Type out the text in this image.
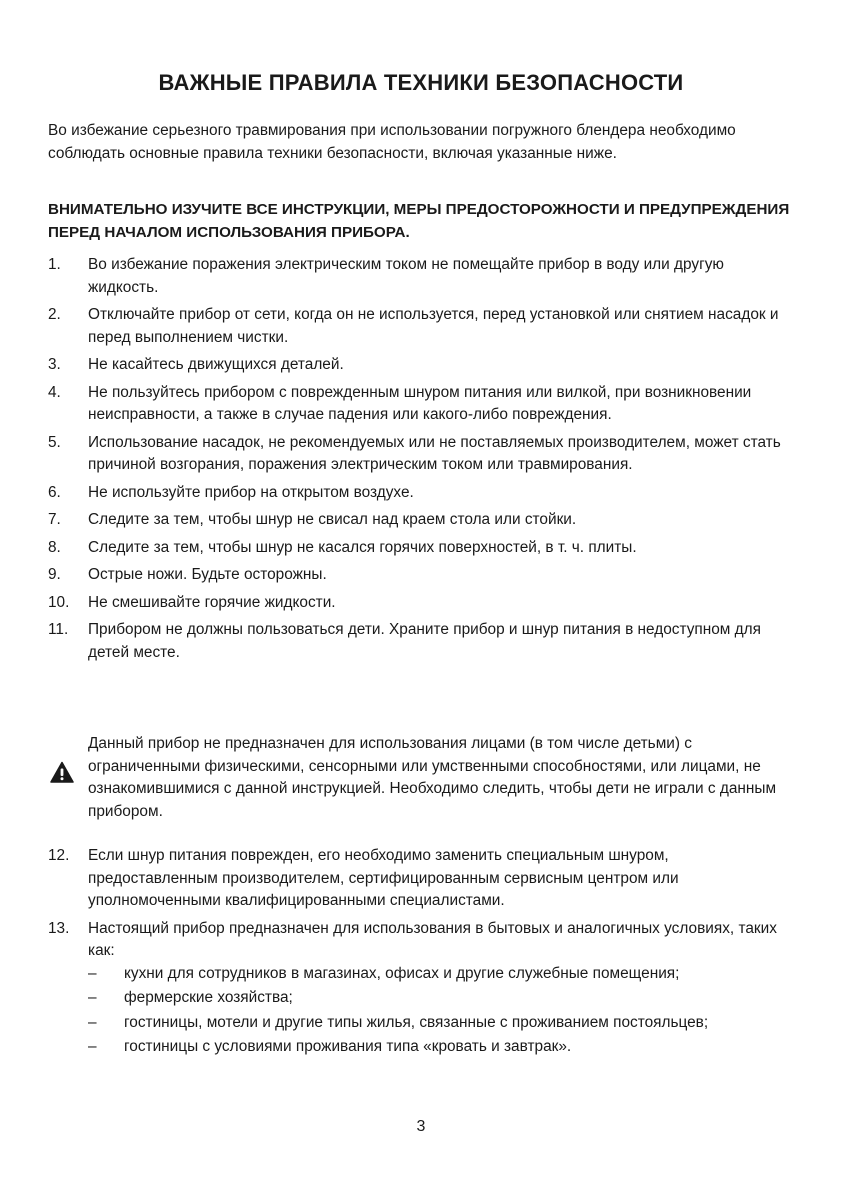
ВАЖНЫЕ ПРАВИЛА ТЕХНИКИ БЕЗОПАСНОСТИ
Во избежание серьезного травмирования при использовании погружного блендера необходимо соблюдать основные правила техники безопасности, включая указанные ниже.
ВНИМАТЕЛЬНО ИЗУЧИТЕ ВСЕ ИНСТРУКЦИИ, МЕРЫ ПРЕДОСТОРОЖНОСТИ И ПРЕДУПРЕЖДЕНИЯ ПЕРЕД НАЧАЛОМ ИСПОЛЬЗОВАНИЯ ПРИБОРА.
1. Во избежание поражения электрическим током не помещайте прибор в воду или другую жидкость.
2. Отключайте прибор от сети, когда он не используется, перед установкой или снятием насадок и перед выполнением чистки.
3. Не касайтесь движущихся деталей.
4. Не пользуйтесь прибором с поврежденным шнуром питания или вилкой, при возникновении неисправности, а также в случае падения или какого-либо повреждения.
5. Использование насадок, не рекомендуемых или не поставляемых производителем, может стать причиной возгорания, поражения электрическим током или травмирования.
6. Не используйте прибор на открытом воздухе.
7. Следите за тем, чтобы шнур не свисал над краем стола или стойки.
8. Следите за тем, чтобы шнур не касался горячих поверхностей, в т. ч. плиты.
9. Острые ножи. Будьте осторожны.
10. Не смешивайте горячие жидкости.
11. Прибором не должны пользоваться дети. Храните прибор и шнур питания в недоступном для детей месте.
Данный прибор не предназначен для использования лицами (в том числе детьми) с ограниченными физическими, сенсорными или умственными способностями, или лицами, не ознакомившимися с данной инструкцией. Необходимо следить, чтобы дети не играли с данным прибором.
12. Если шнур питания поврежден, его необходимо заменить специальным шнуром, предоставленным производителем, сертифицированным сервисным центром или уполномоченными квалифицированными специалистами.
13. Настоящий прибор предназначен для использования в бытовых и аналогичных условиях, таких как:
– кухни для сотрудников в магазинах, офисах и другие служебные помещения;
– фермерские хозяйства;
– гостиницы, мотели и другие типы жилья, связанные с проживанием постояльцев;
– гостиницы с условиями проживания типа «кровать и завтрак».
3
